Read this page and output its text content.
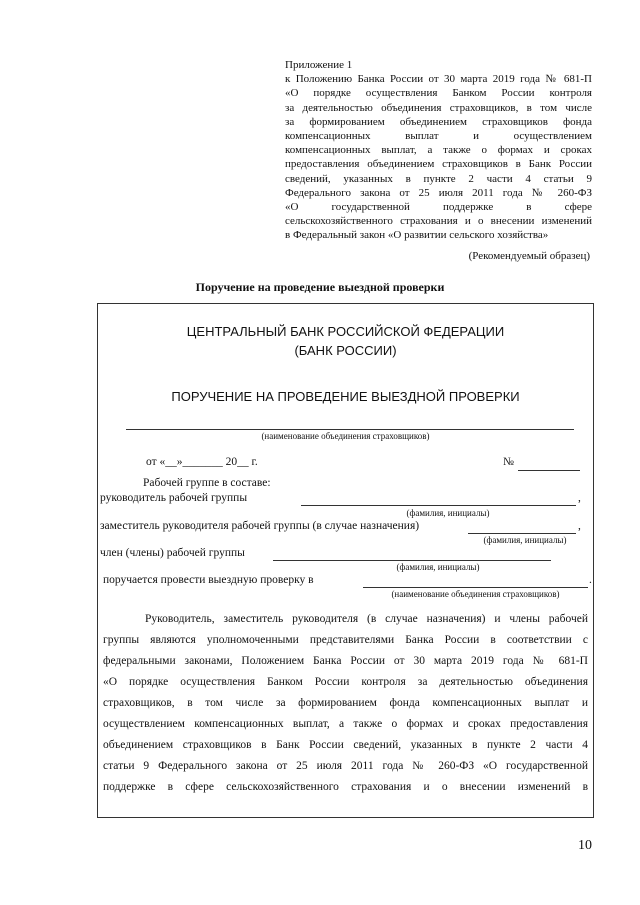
Приложение 1
к Положению Банка России от 30 марта 2019 года № 681-П
«О порядке осуществления Банком России контроля
за деятельностью объединения страховщиков, в том числе
за формированием объединением страховщиков фонда
компенсационных выплат и осуществлением
компенсационных выплат, а также о формах и сроках
предоставления объединением страховщиков в Банк России
сведений, указанных в пункте 2 части 4 статьи 9
Федерального закона от 25 июля 2011 года № 260-ФЗ
«О государственной поддержке в сфере
сельскохозяйственного страхования и о внесении изменений
в Федеральный закон «О развитии сельского хозяйства»
(Рекомендуемый образец)
Поручение на проведение выездной проверки
ЦЕНТРАЛЬНЫЙ БАНК РОССИЙСКОЙ ФЕДЕРАЦИИ
(БАНК РОССИИ)
ПОРУЧЕНИЕ НА ПРОВЕДЕНИЕ ВЫЕЗДНОЙ ПРОВЕРКИ
(наименование объединения страховщиков)
от «__»_______ 20__ г.	№
Рабочей группе в составе:
руководитель рабочей группы	,
(фамилия, инициалы)
заместитель руководителя рабочей группы (в случае назначения)	,
(фамилия, инициалы)
член (члены) рабочей группы
(фамилия, инициалы)
поручается провести выездную проверку в	.
(наименование объединения страховщиков)
Руководитель, заместитель руководителя (в случае назначения) и члены рабочей
группы являются уполномоченными представителями Банка России в соответствии с
федеральными законами, Положением Банка России от 30 марта 2019 года № 681-П
«О порядке осуществления Банком России контроля за деятельностью объединения
страховщиков, в том числе за формированием фонда компенсационных выплат и
осуществлением компенсационных выплат, а также о формах и сроках предоставления
объединением страховщиков в Банк России сведений, указанных в пункте 2 части 4
статьи 9 Федерального закона от 25 июля 2011 года № 260-ФЗ «О государственной
поддержке в сфере сельскохозяйственного страхования и о внесении изменений в
10
